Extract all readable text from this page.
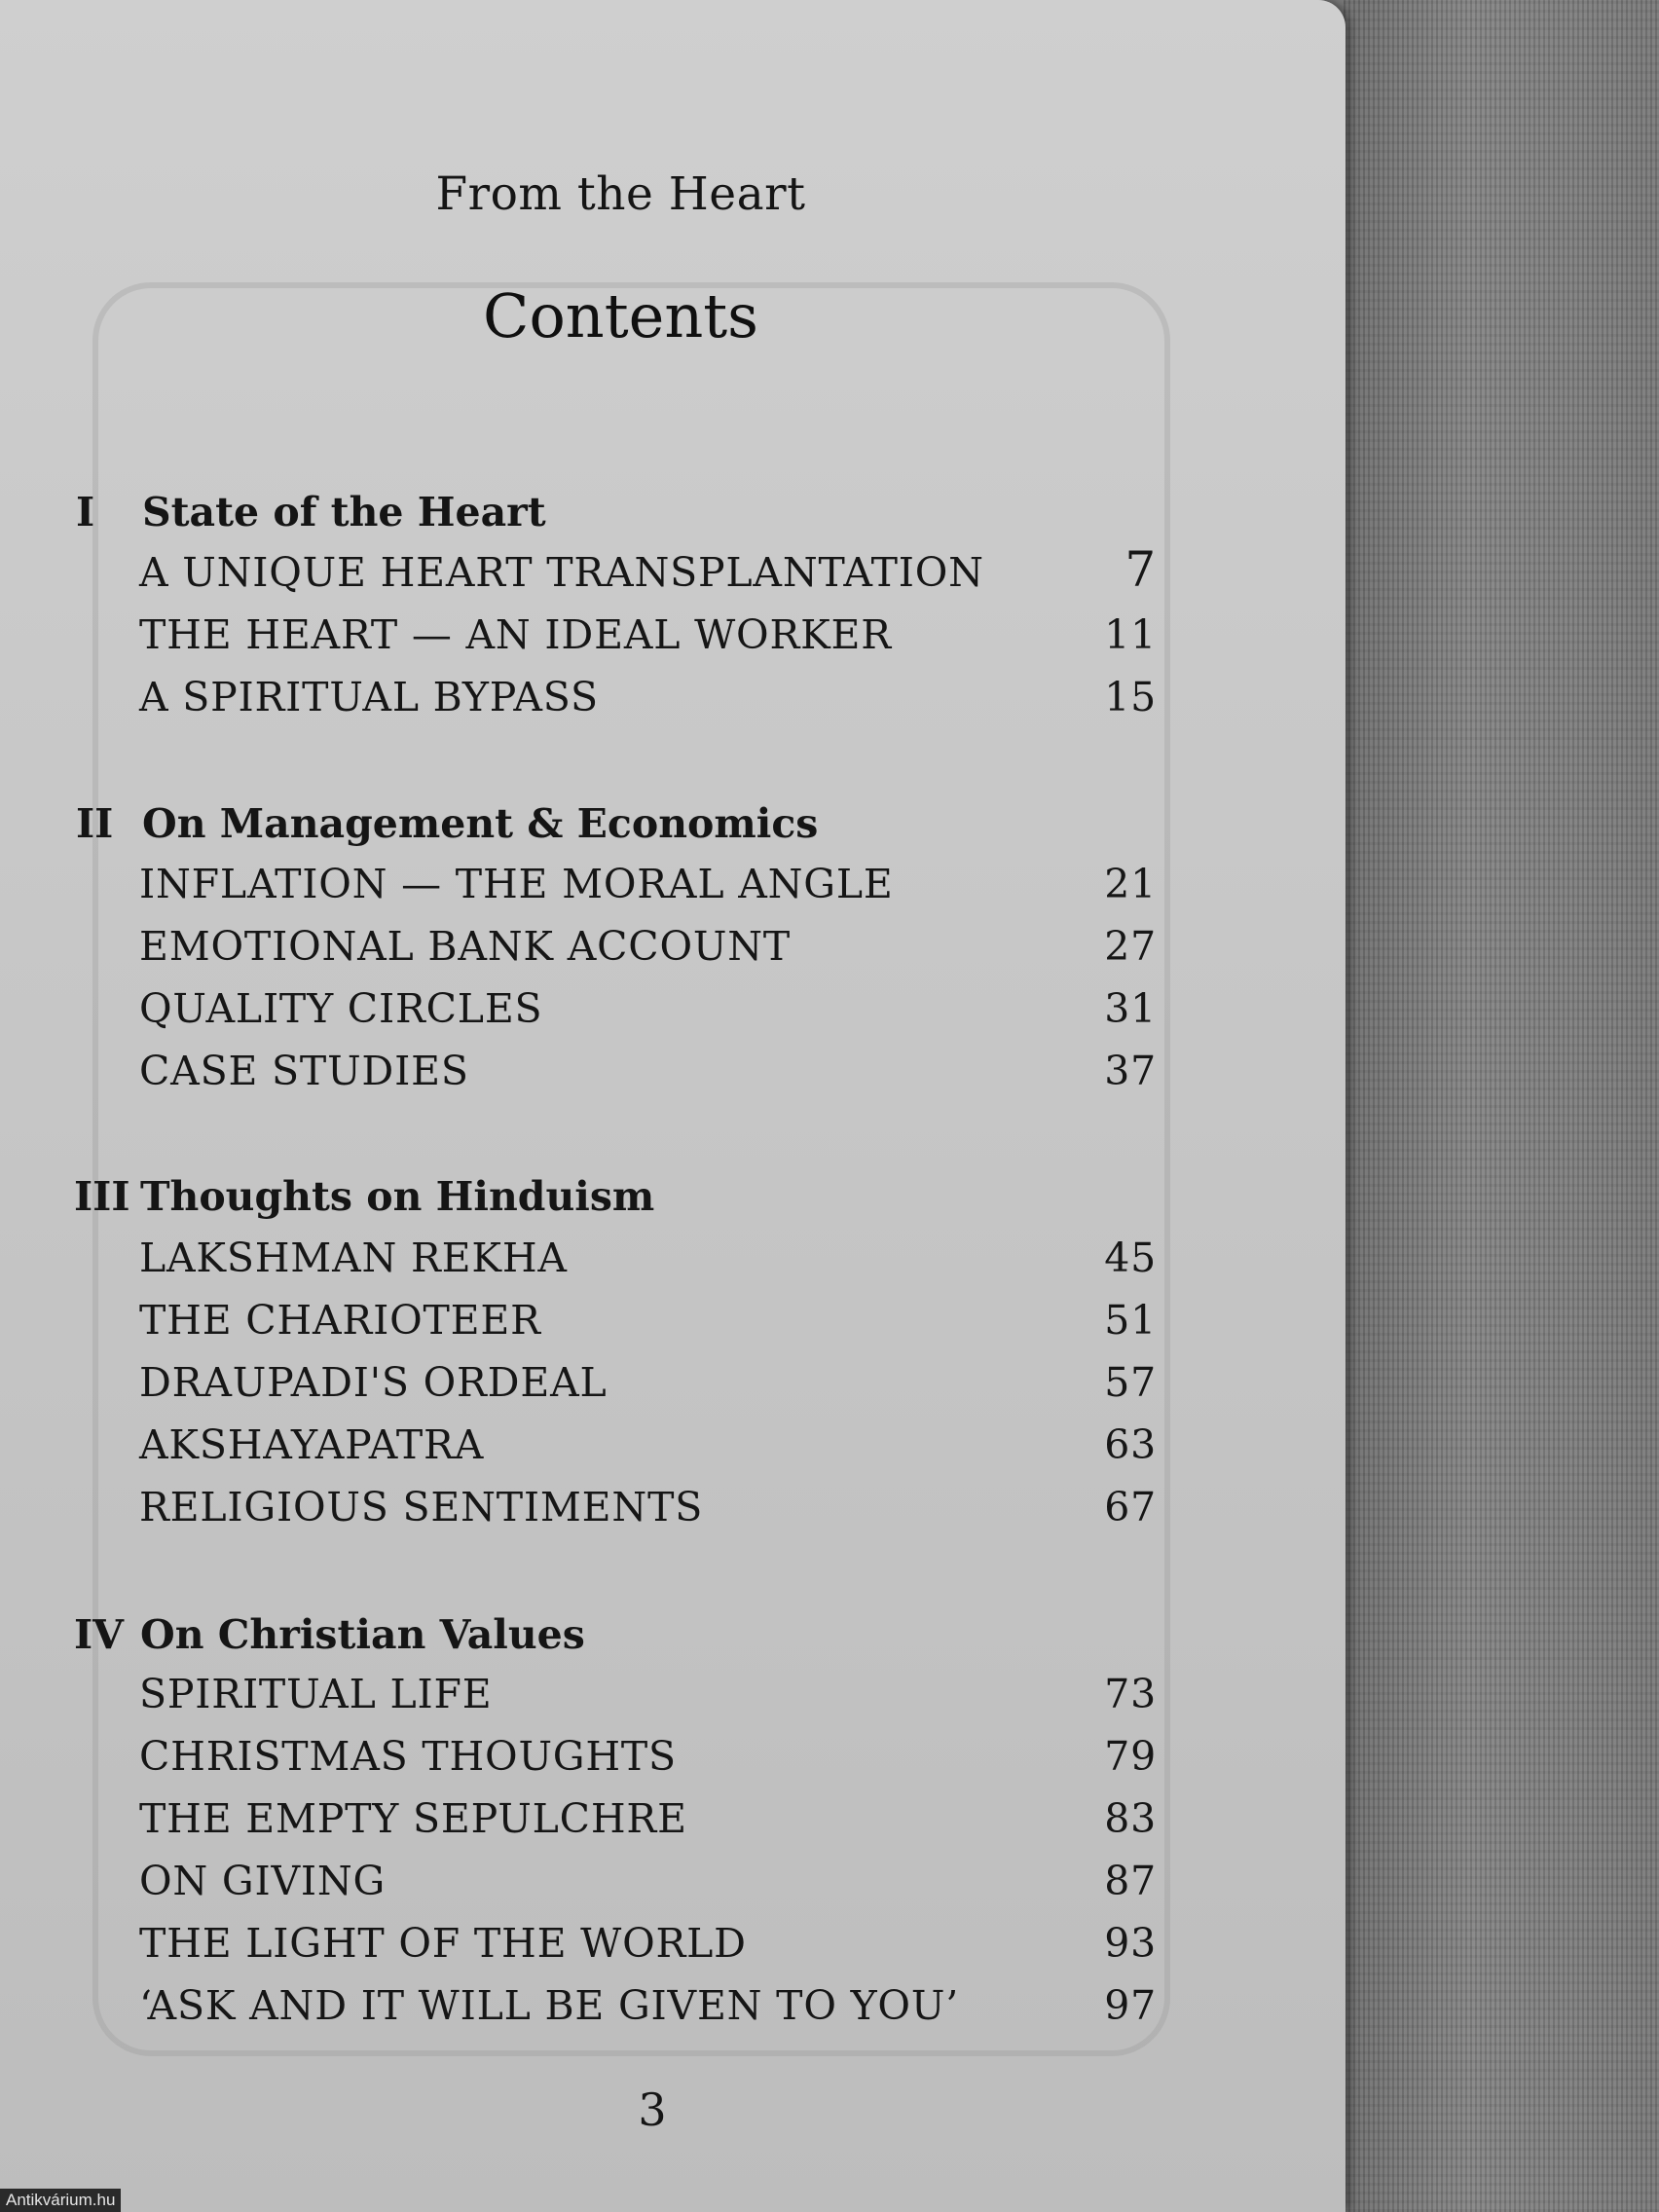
From the Heart
Contents
I State of the Heart
A UNIQUE HEART TRANSPLANTATION	7
THE HEART — AN IDEAL WORKER	11
A SPIRITUAL BYPASS	15
II On Management & Economics
INFLATION — THE MORAL ANGLE	21
EMOTIONAL BANK ACCOUNT	27
QUALITY CIRCLES	31
CASE STUDIES	37
III Thoughts on Hinduism
LAKSHMAN REKHA	45
THE CHARIOTEER	51
DRAUPADI'S ORDEAL	57
AKSHAYAPATRA	63
RELIGIOUS SENTIMENTS	67
IV On Christian Values
SPIRITUAL LIFE	73
CHRISTMAS THOUGHTS	79
THE EMPTY SEPULCHRE	83
ON GIVING	87
THE LIGHT OF THE WORLD	93
‘ASK AND IT WILL BE GIVEN TO YOU’	97
3
Antikvárium.hu
